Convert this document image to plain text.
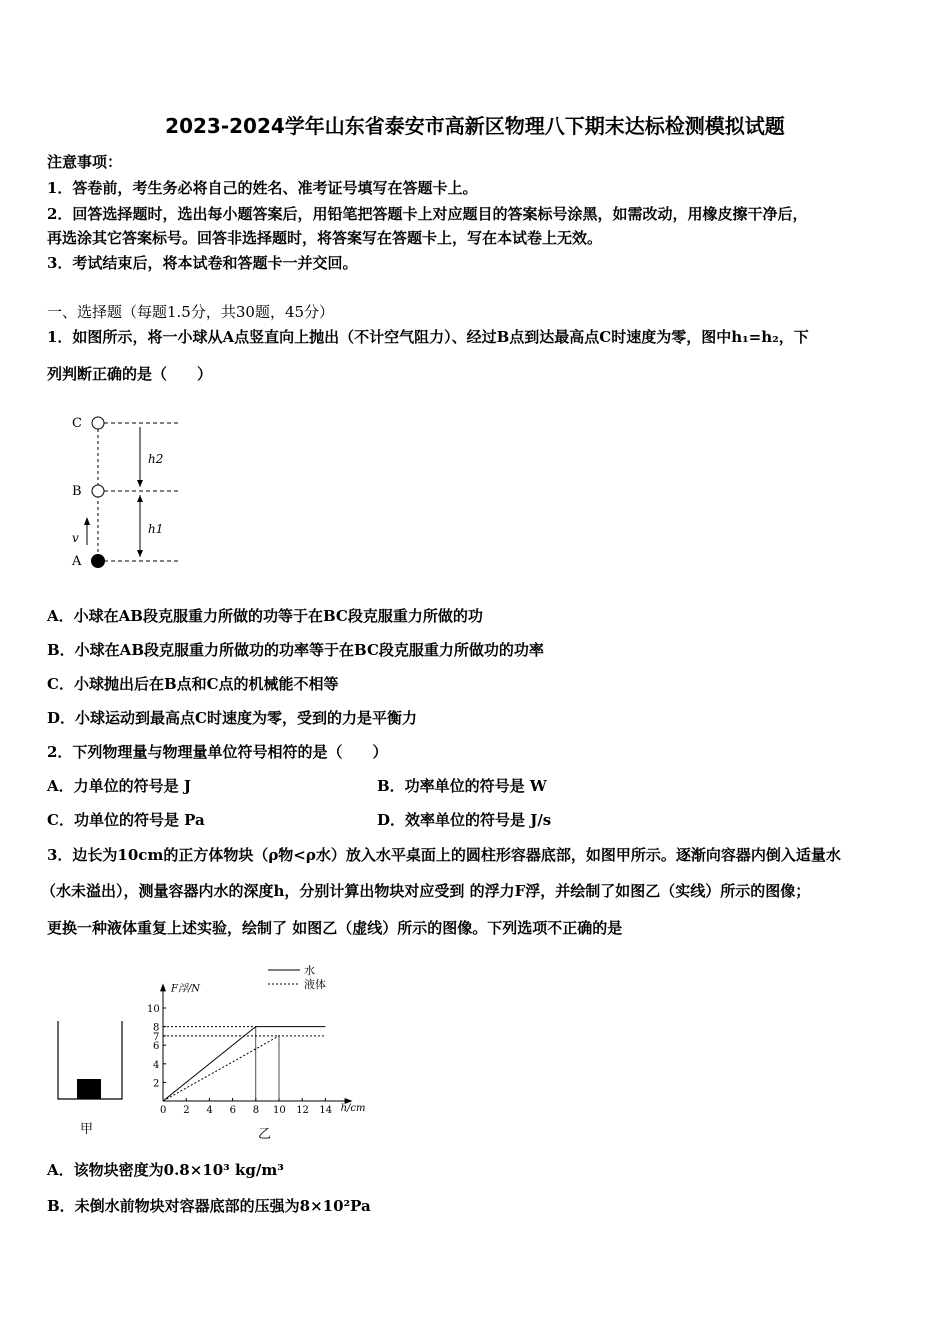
2023-2024学年山东省泰安市高新区物理八下期末达标检测模拟试题
注意事项：
1．答卷前，考生务必将自己的姓名、准考证号填写在答题卡上。
2．回答选择题时，选出每小题答案后，用铅笔把答题卡上对应题目的答案标号涂黑，如需改动，用橡皮擦干净后，
再选涂其它答案标号。回答非选择题时，将答案写在答题卡上，写在本试卷上无效。
3．考试结束后，将本试卷和答题卡一并交回。
一、选择题（每题1.5分，共30题，45分）
1．如图所示，将一小球从A点竖直向上抛出（不计空气阻力）、经过B点到达最高点C时速度为零，图中h₁=h₂，下
列判断正确的是（　　）
C
B
A
v
h2
h1
A．小球在AB段克服重力所做的功等于在BC段克服重力所做的功
B．小球在AB段克服重力所做功的功率等于在BC段克服重力所做功的功率
C．小球抛出后在B点和C点的机械能不相等
D．小球运动到最高点C时速度为零，受到的力是平衡力
2．下列物理量与物理量单位符号相符的是（　　）
A．力单位的符号是 J	B．功率单位的符号是 W
C．功单位的符号是 Pa	D．效率单位的符号是 J/s
3．边长为10cm的正方体物块（ρ物<ρ水）放入水平桌面上的圆柱形容器底部，如图甲所示。逐渐向容器内倒入适量水
（水未溢出），测量容器内水的深度h，分别计算出物块对应受到 的浮力F浮，并绘制了如图乙（实线）所示的图像；
更换一种液体重复上述实验，绘制了 如图乙（虚线）所示的图像。下列选项不正确的是
甲
F浮/N
h/cm
0 2 4 6 8 10 12 14
2
4
6
7
8
10
水
液体
乙
A．该物块密度为0.8×10³ kg/m³
B．未倒水前物块对容器底部的压强为8×10²Pa
